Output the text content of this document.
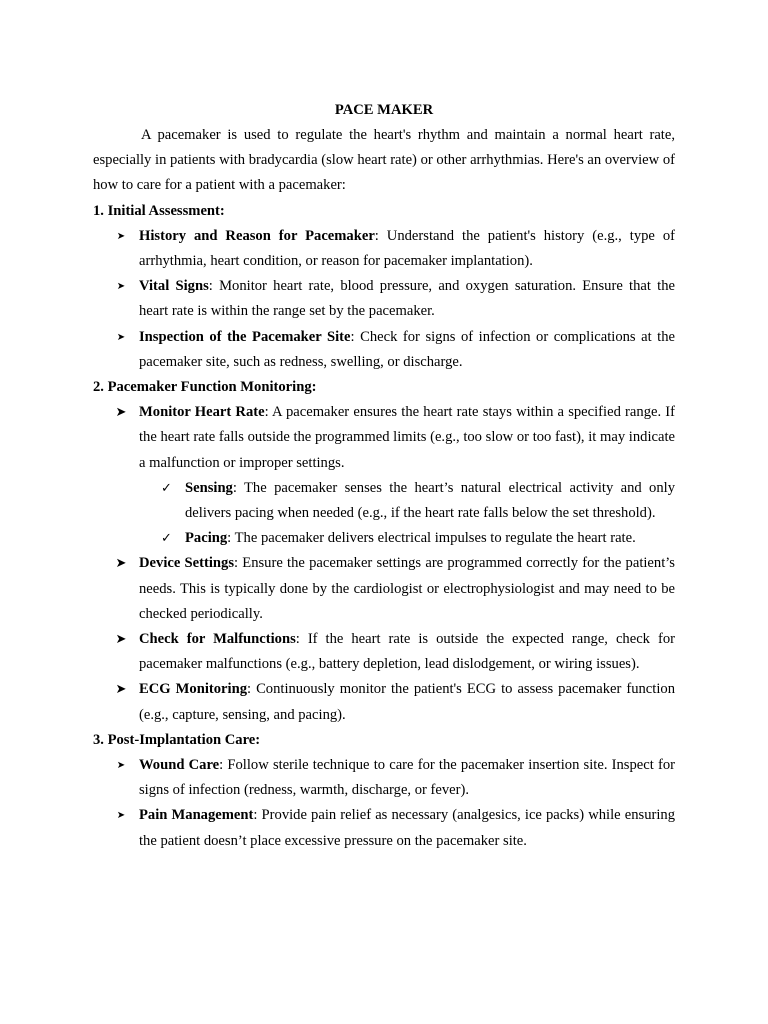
PACE MAKER

A pacemaker is used to regulate the heart's rhythm and maintain a normal heart rate, especially in patients with bradycardia (slow heart rate) or other arrhythmias. Here's an overview of how to care for a patient with a pacemaker:

1. Initial Assessment:

➤ History and Reason for Pacemaker: Understand the patient's history (e.g., type of arrhythmia, heart condition, or reason for pacemaker implantation).
➤ Vital Signs: Monitor heart rate, blood pressure, and oxygen saturation. Ensure that the heart rate is within the range set by the pacemaker.
➤ Inspection of the Pacemaker Site: Check for signs of infection or complications at the pacemaker site, such as redness, swelling, or discharge.

2. Pacemaker Function Monitoring:

➤ Monitor Heart Rate: A pacemaker ensures the heart rate stays within a specified range. If the heart rate falls outside the programmed limits (e.g., too slow or too fast), it may indicate a malfunction or improper settings.
✓ Sensing: The pacemaker senses the heart’s natural electrical activity and only delivers pacing when needed (e.g., if the heart rate falls below the set threshold).
✓ Pacing: The pacemaker delivers electrical impulses to regulate the heart rate.
➤ Device Settings: Ensure the pacemaker settings are programmed correctly for the patient’s needs. This is typically done by the cardiologist or electrophysiologist and may need to be checked periodically.
➤ Check for Malfunctions: If the heart rate is outside the expected range, check for pacemaker malfunctions (e.g., battery depletion, lead dislodgement, or wiring issues).
➤ ECG Monitoring: Continuously monitor the patient's ECG to assess pacemaker function (e.g., capture, sensing, and pacing).

3. Post-Implantation Care:

➤ Wound Care: Follow sterile technique to care for the pacemaker insertion site. Inspect for signs of infection (redness, warmth, discharge, or fever).
➤ Pain Management: Provide pain relief as necessary (analgesics, ice packs) while ensuring the patient doesn’t place excessive pressure on the pacemaker site.
